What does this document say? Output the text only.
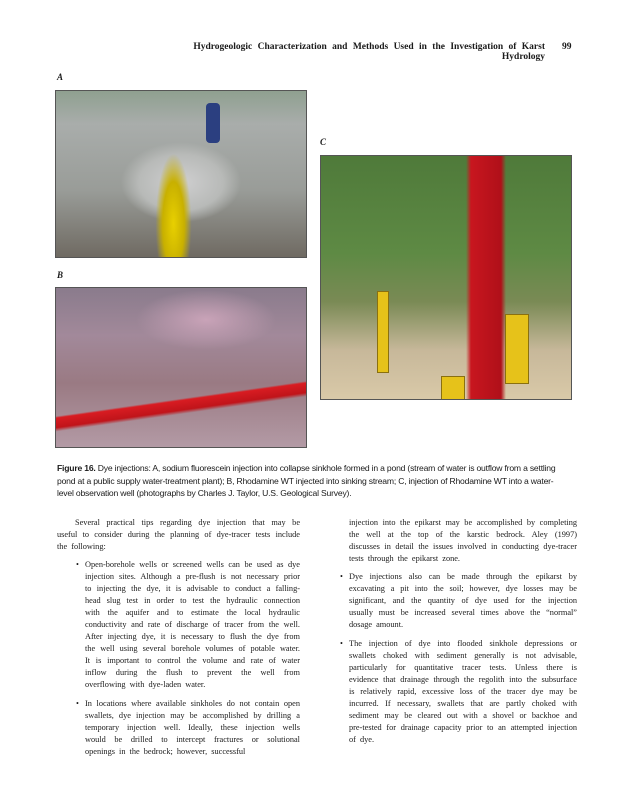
Hydrogeologic Characterization and Methods Used in the Investigation of Karst Hydrology
99
A
B
C
Figure 16. Dye injections: A, sodium fluorescein injection into collapse sinkhole formed in a pond (stream of water is outflow from a settling pond at a public supply water-treatment plant); B, Rhodamine WT injected into sinking stream; C, injection of Rhodamine WT into a water-level observation well (photographs by Charles J. Taylor, U.S. Geological Survey).

Several practical tips regarding dye injection that may be useful to consider during the planning of dye-tracer tests include the following:

• Open-borehole wells or screened wells can be used as dye injection sites. Although a pre-flush is not necessary prior to injecting the dye, it is advisable to conduct a falling-head slug test in order to test the hydraulic connection with the aquifer and to estimate the local hydraulic conductivity and rate of discharge of tracer from the well. After injecting dye, it is necessary to flush the dye from the well using several borehole volumes of potable water. It is important to control the volume and rate of water inflow during the flush to prevent the well from overflowing with dye-laden water.
• In locations where available sinkholes do not contain open swallets, dye injection may be accomplished by drilling a temporary injection well. Ideally, these injection wells would be drilled to intercept fractures or solutional openings in the bedrock; however, successful

injection into the epikarst may be accomplished by completing the well at the top of the karstic bedrock. Aley (1997) discusses in detail the issues involved in conducting dye-tracer tests through the epikarst zone.

• Dye injections also can be made through the epikarst by excavating a pit into the soil; however, dye losses may be significant, and the quantity of dye used for the injection usually must be increased several times above the “normal” dosage amount.
• The injection of dye into flooded sinkhole depressions or swallets choked with sediment generally is not advisable, particularly for quantitative tracer tests. Unless there is evidence that drainage through the regolith into the subsurface is relatively rapid, excessive loss of the tracer dye may be incurred. If necessary, swallets that are partly choked with sediment may be cleared out with a shovel or backhoe and pre-tested for drainage capacity prior to an attempted injection of dye.
